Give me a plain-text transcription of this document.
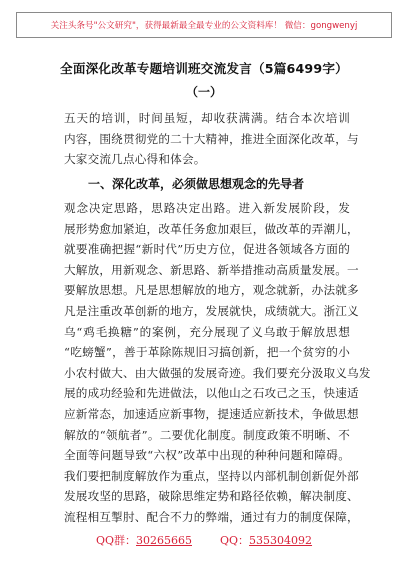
关注头条号"公文研究"，获得最新最全最专业的公文资料库！ 微信：gongwenyj
全面深化改革专题培训班交流发言（5篇6499字）
（一）
五天的培训，时间虽短，却收获满满。结合本次培训
内容，围绕贯彻党的二十大精神，推进全面深化改革，与
大家交流几点心得和体会。
一、深化改革，必须做思想观念的先导者
观念决定思路，思路决定出路。进入新发展阶段，发
展形势愈加紧迫，改革任务愈加艰巨，做改革的弄潮儿，
就要准确把握“新时代”历史方位，促进各领域各方面的
大解放，用新观念、新思路、新举措推动高质量发展。一
要解放思想。凡是思想解放的地方，观念就新，办法就多
凡是注重改革创新的地方，发展就快，成绩就大。浙江义
乌“鸡毛换糖”的案例，充分展现了义乌敢于解放思想
“吃螃蟹”，善于革除陈规旧习搞创新，把一个贫穷的小
小农村做大、由大做强的发展奇迹。我们要充分汲取义乌发
展的成功经验和先进做法，以他山之石攻己之玉，快速适
应新常态，加速适应新事物，提速适应新技术，争做思想
解放的“领航者”。二要优化制度。制度政策不明晰、不
全面等问题导致“六权”改革中出现的种种问题和障碍。
我们要把制度解放作为重点，坚持以内部机制创新促外部
发展攻坚的思路，破除思维定势和路径依赖，解决制度、
流程相互掣肘、配合不力的弊端，通过有力的制度保障，
QQ群：30265665	QQ：535304092
